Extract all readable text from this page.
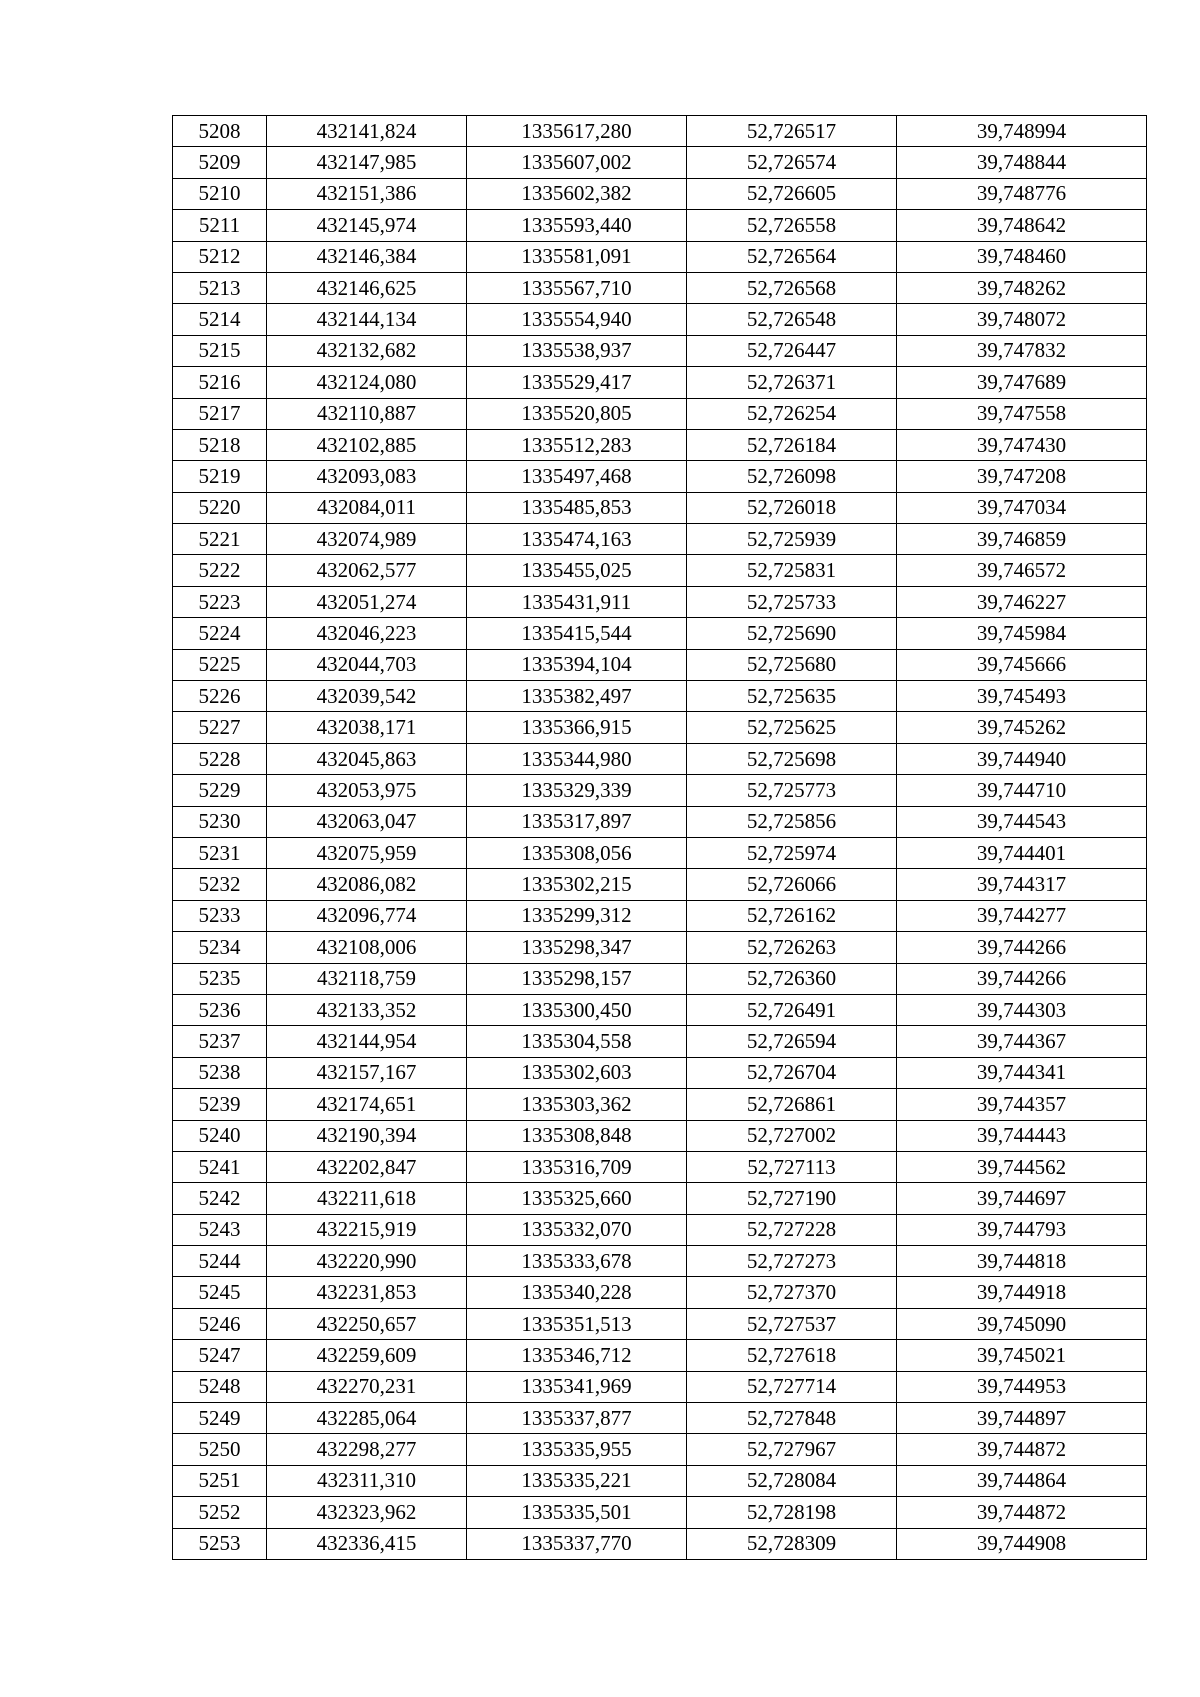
5208	432141,824	1335617,280	52,726517	39,748994
5209	432147,985	1335607,002	52,726574	39,748844
5210	432151,386	1335602,382	52,726605	39,748776
5211	432145,974	1335593,440	52,726558	39,748642
5212	432146,384	1335581,091	52,726564	39,748460
5213	432146,625	1335567,710	52,726568	39,748262
5214	432144,134	1335554,940	52,726548	39,748072
5215	432132,682	1335538,937	52,726447	39,747832
5216	432124,080	1335529,417	52,726371	39,747689
5217	432110,887	1335520,805	52,726254	39,747558
5218	432102,885	1335512,283	52,726184	39,747430
5219	432093,083	1335497,468	52,726098	39,747208
5220	432084,011	1335485,853	52,726018	39,747034
5221	432074,989	1335474,163	52,725939	39,746859
5222	432062,577	1335455,025	52,725831	39,746572
5223	432051,274	1335431,911	52,725733	39,746227
5224	432046,223	1335415,544	52,725690	39,745984
5225	432044,703	1335394,104	52,725680	39,745666
5226	432039,542	1335382,497	52,725635	39,745493
5227	432038,171	1335366,915	52,725625	39,745262
5228	432045,863	1335344,980	52,725698	39,744940
5229	432053,975	1335329,339	52,725773	39,744710
5230	432063,047	1335317,897	52,725856	39,744543
5231	432075,959	1335308,056	52,725974	39,744401
5232	432086,082	1335302,215	52,726066	39,744317
5233	432096,774	1335299,312	52,726162	39,744277
5234	432108,006	1335298,347	52,726263	39,744266
5235	432118,759	1335298,157	52,726360	39,744266
5236	432133,352	1335300,450	52,726491	39,744303
5237	432144,954	1335304,558	52,726594	39,744367
5238	432157,167	1335302,603	52,726704	39,744341
5239	432174,651	1335303,362	52,726861	39,744357
5240	432190,394	1335308,848	52,727002	39,744443
5241	432202,847	1335316,709	52,727113	39,744562
5242	432211,618	1335325,660	52,727190	39,744697
5243	432215,919	1335332,070	52,727228	39,744793
5244	432220,990	1335333,678	52,727273	39,744818
5245	432231,853	1335340,228	52,727370	39,744918
5246	432250,657	1335351,513	52,727537	39,745090
5247	432259,609	1335346,712	52,727618	39,745021
5248	432270,231	1335341,969	52,727714	39,744953
5249	432285,064	1335337,877	52,727848	39,744897
5250	432298,277	1335335,955	52,727967	39,744872
5251	432311,310	1335335,221	52,728084	39,744864
5252	432323,962	1335335,501	52,728198	39,744872
5253	432336,415	1335337,770	52,728309	39,744908
